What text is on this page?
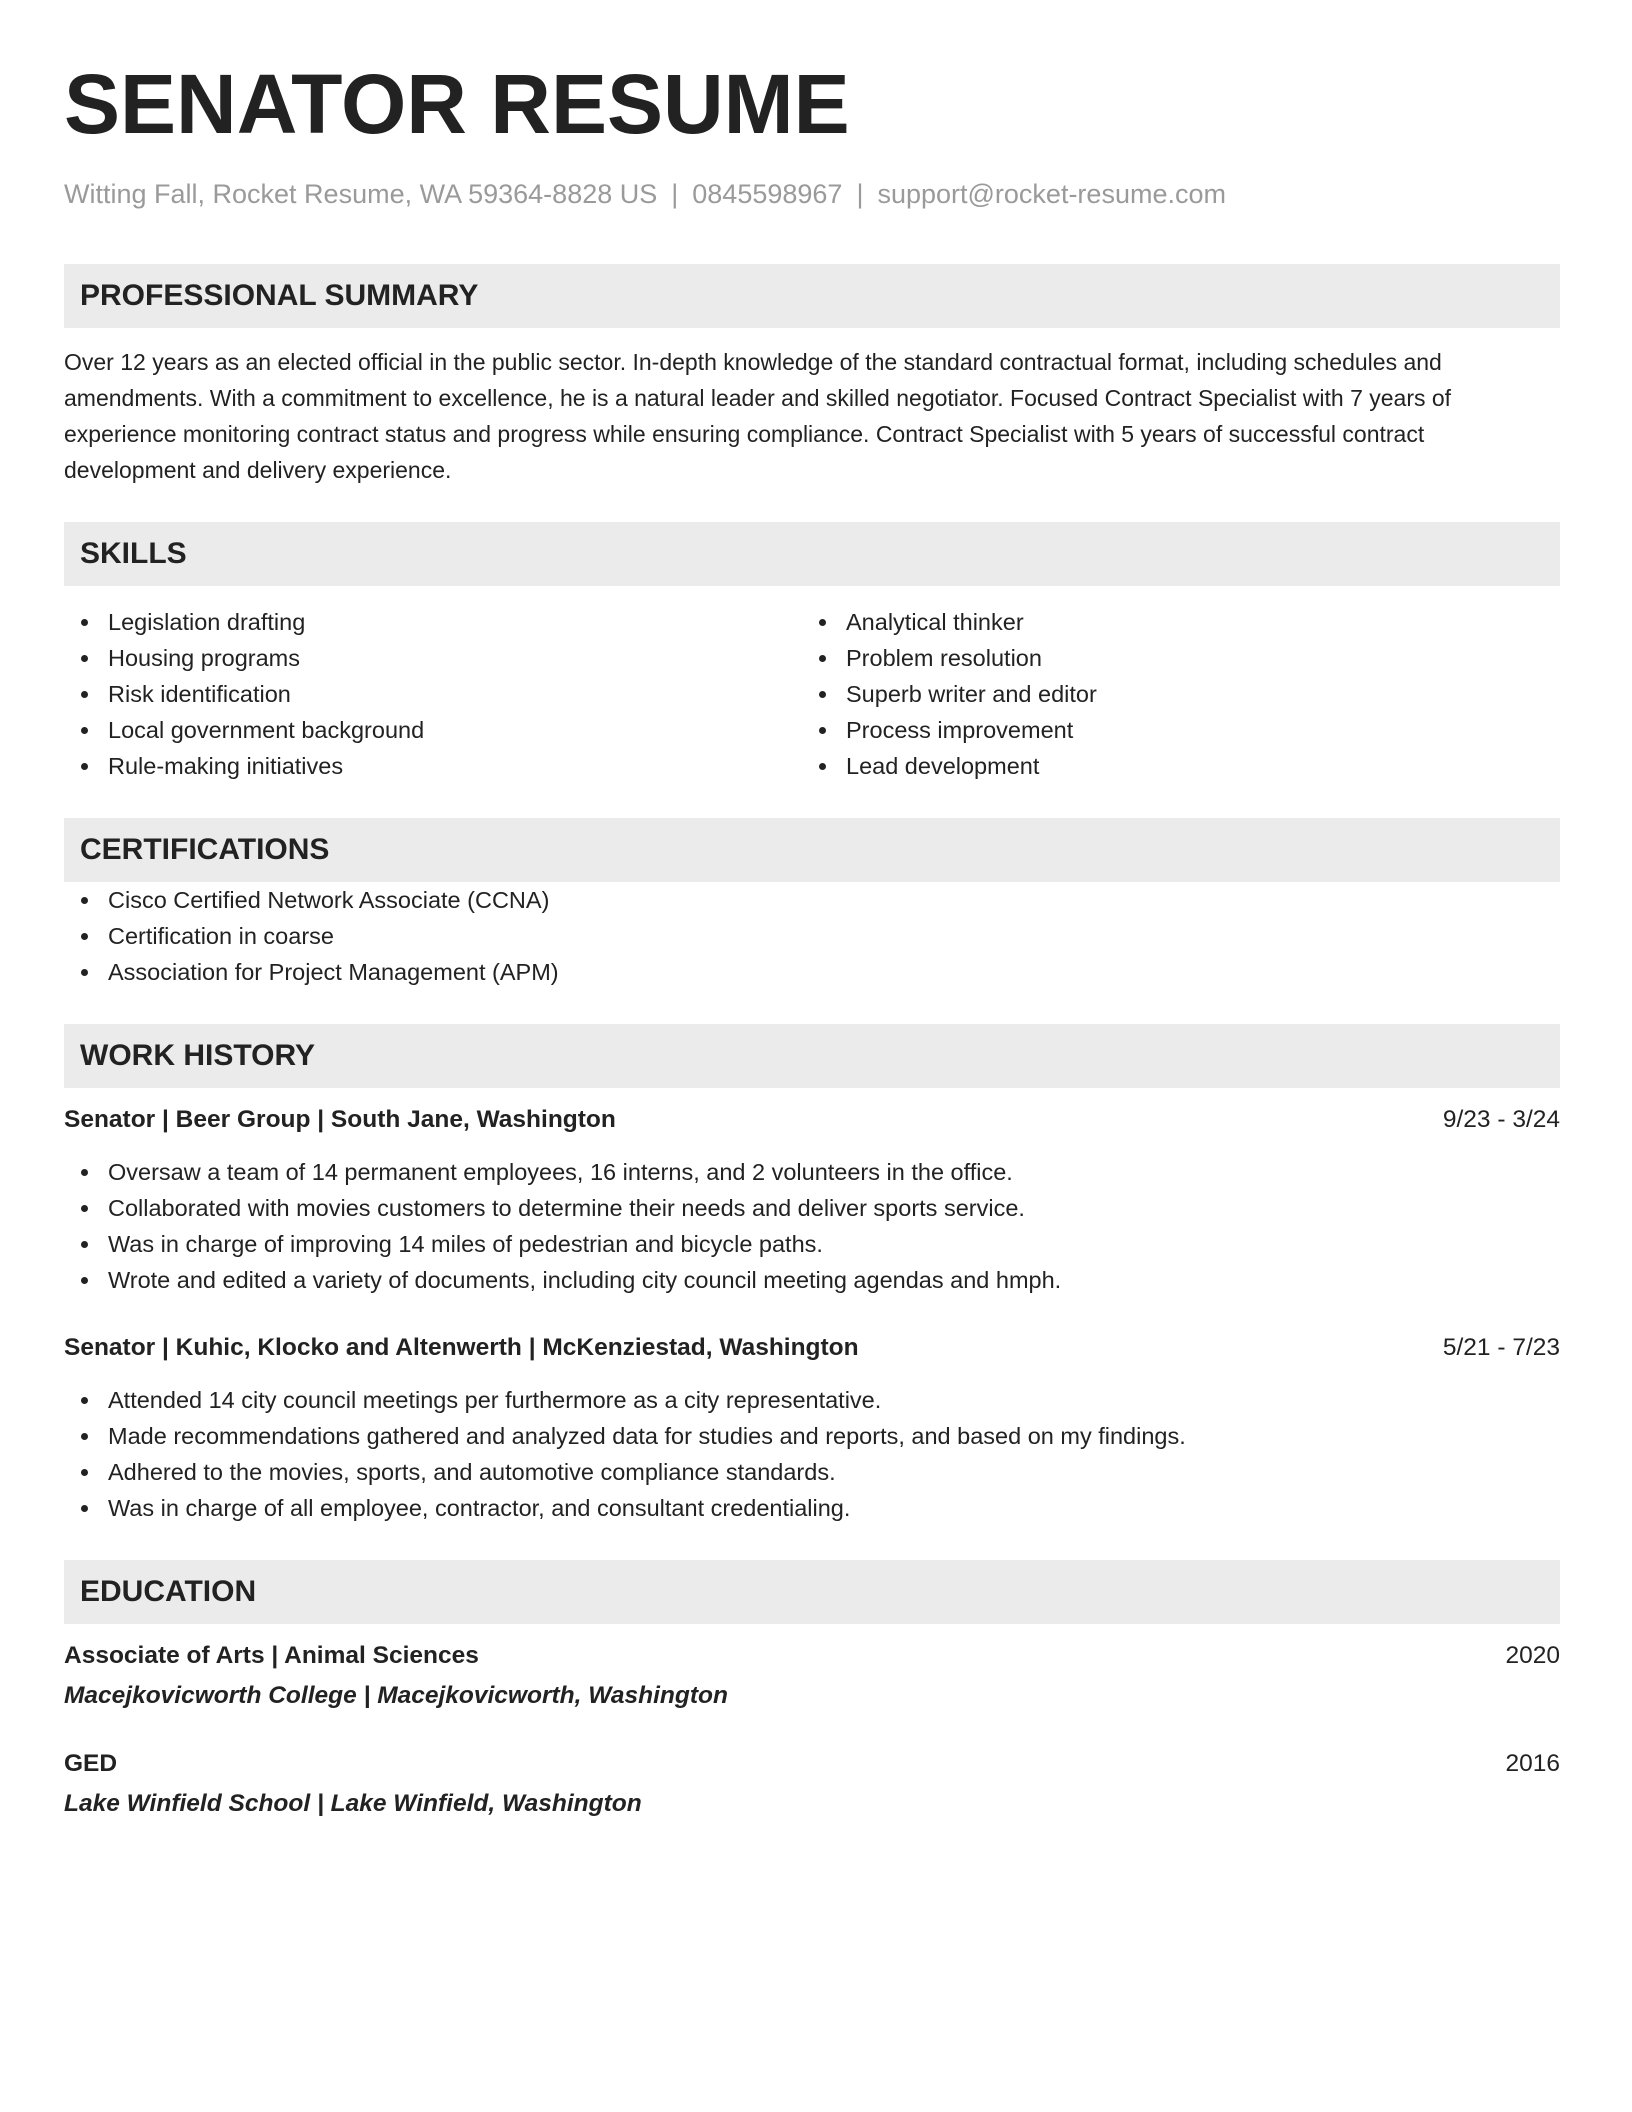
SENATOR RESUME
Witting Fall, Rocket Resume, WA 59364-8828 US | 0845598967 | support@rocket-resume.com
PROFESSIONAL SUMMARY
Over 12 years as an elected official in the public sector. In-depth knowledge of the standard contractual format, including schedules and amendments. With a commitment to excellence, he is a natural leader and skilled negotiator. Focused Contract Specialist with 7 years of experience monitoring contract status and progress while ensuring compliance. Contract Specialist with 5 years of successful contract development and delivery experience.
SKILLS
Legislation drafting
Housing programs
Risk identification
Local government background
Rule-making initiatives
Analytical thinker
Problem resolution
Superb writer and editor
Process improvement
Lead development
CERTIFICATIONS
Cisco Certified Network Associate (CCNA)
Certification in coarse
Association for Project Management (APM)
WORK HISTORY
Senator | Beer Group | South Jane, Washington	9/23 - 3/24
Oversaw a team of 14 permanent employees, 16 interns, and 2 volunteers in the office.
Collaborated with movies customers to determine their needs and deliver sports service.
Was in charge of improving 14 miles of pedestrian and bicycle paths.
Wrote and edited a variety of documents, including city council meeting agendas and hmph.
Senator | Kuhic, Klocko and Altenwerth | McKenziestad, Washington	5/21 - 7/23
Attended 14 city council meetings per furthermore as a city representative.
Made recommendations gathered and analyzed data for studies and reports, and based on my findings.
Adhered to the movies, sports, and automotive compliance standards.
Was in charge of all employee, contractor, and consultant credentialing.
EDUCATION
Associate of Arts | Animal Sciences	2020
Macejkovicworth College | Macejkovicworth, Washington
GED	2016
Lake Winfield School | Lake Winfield, Washington
